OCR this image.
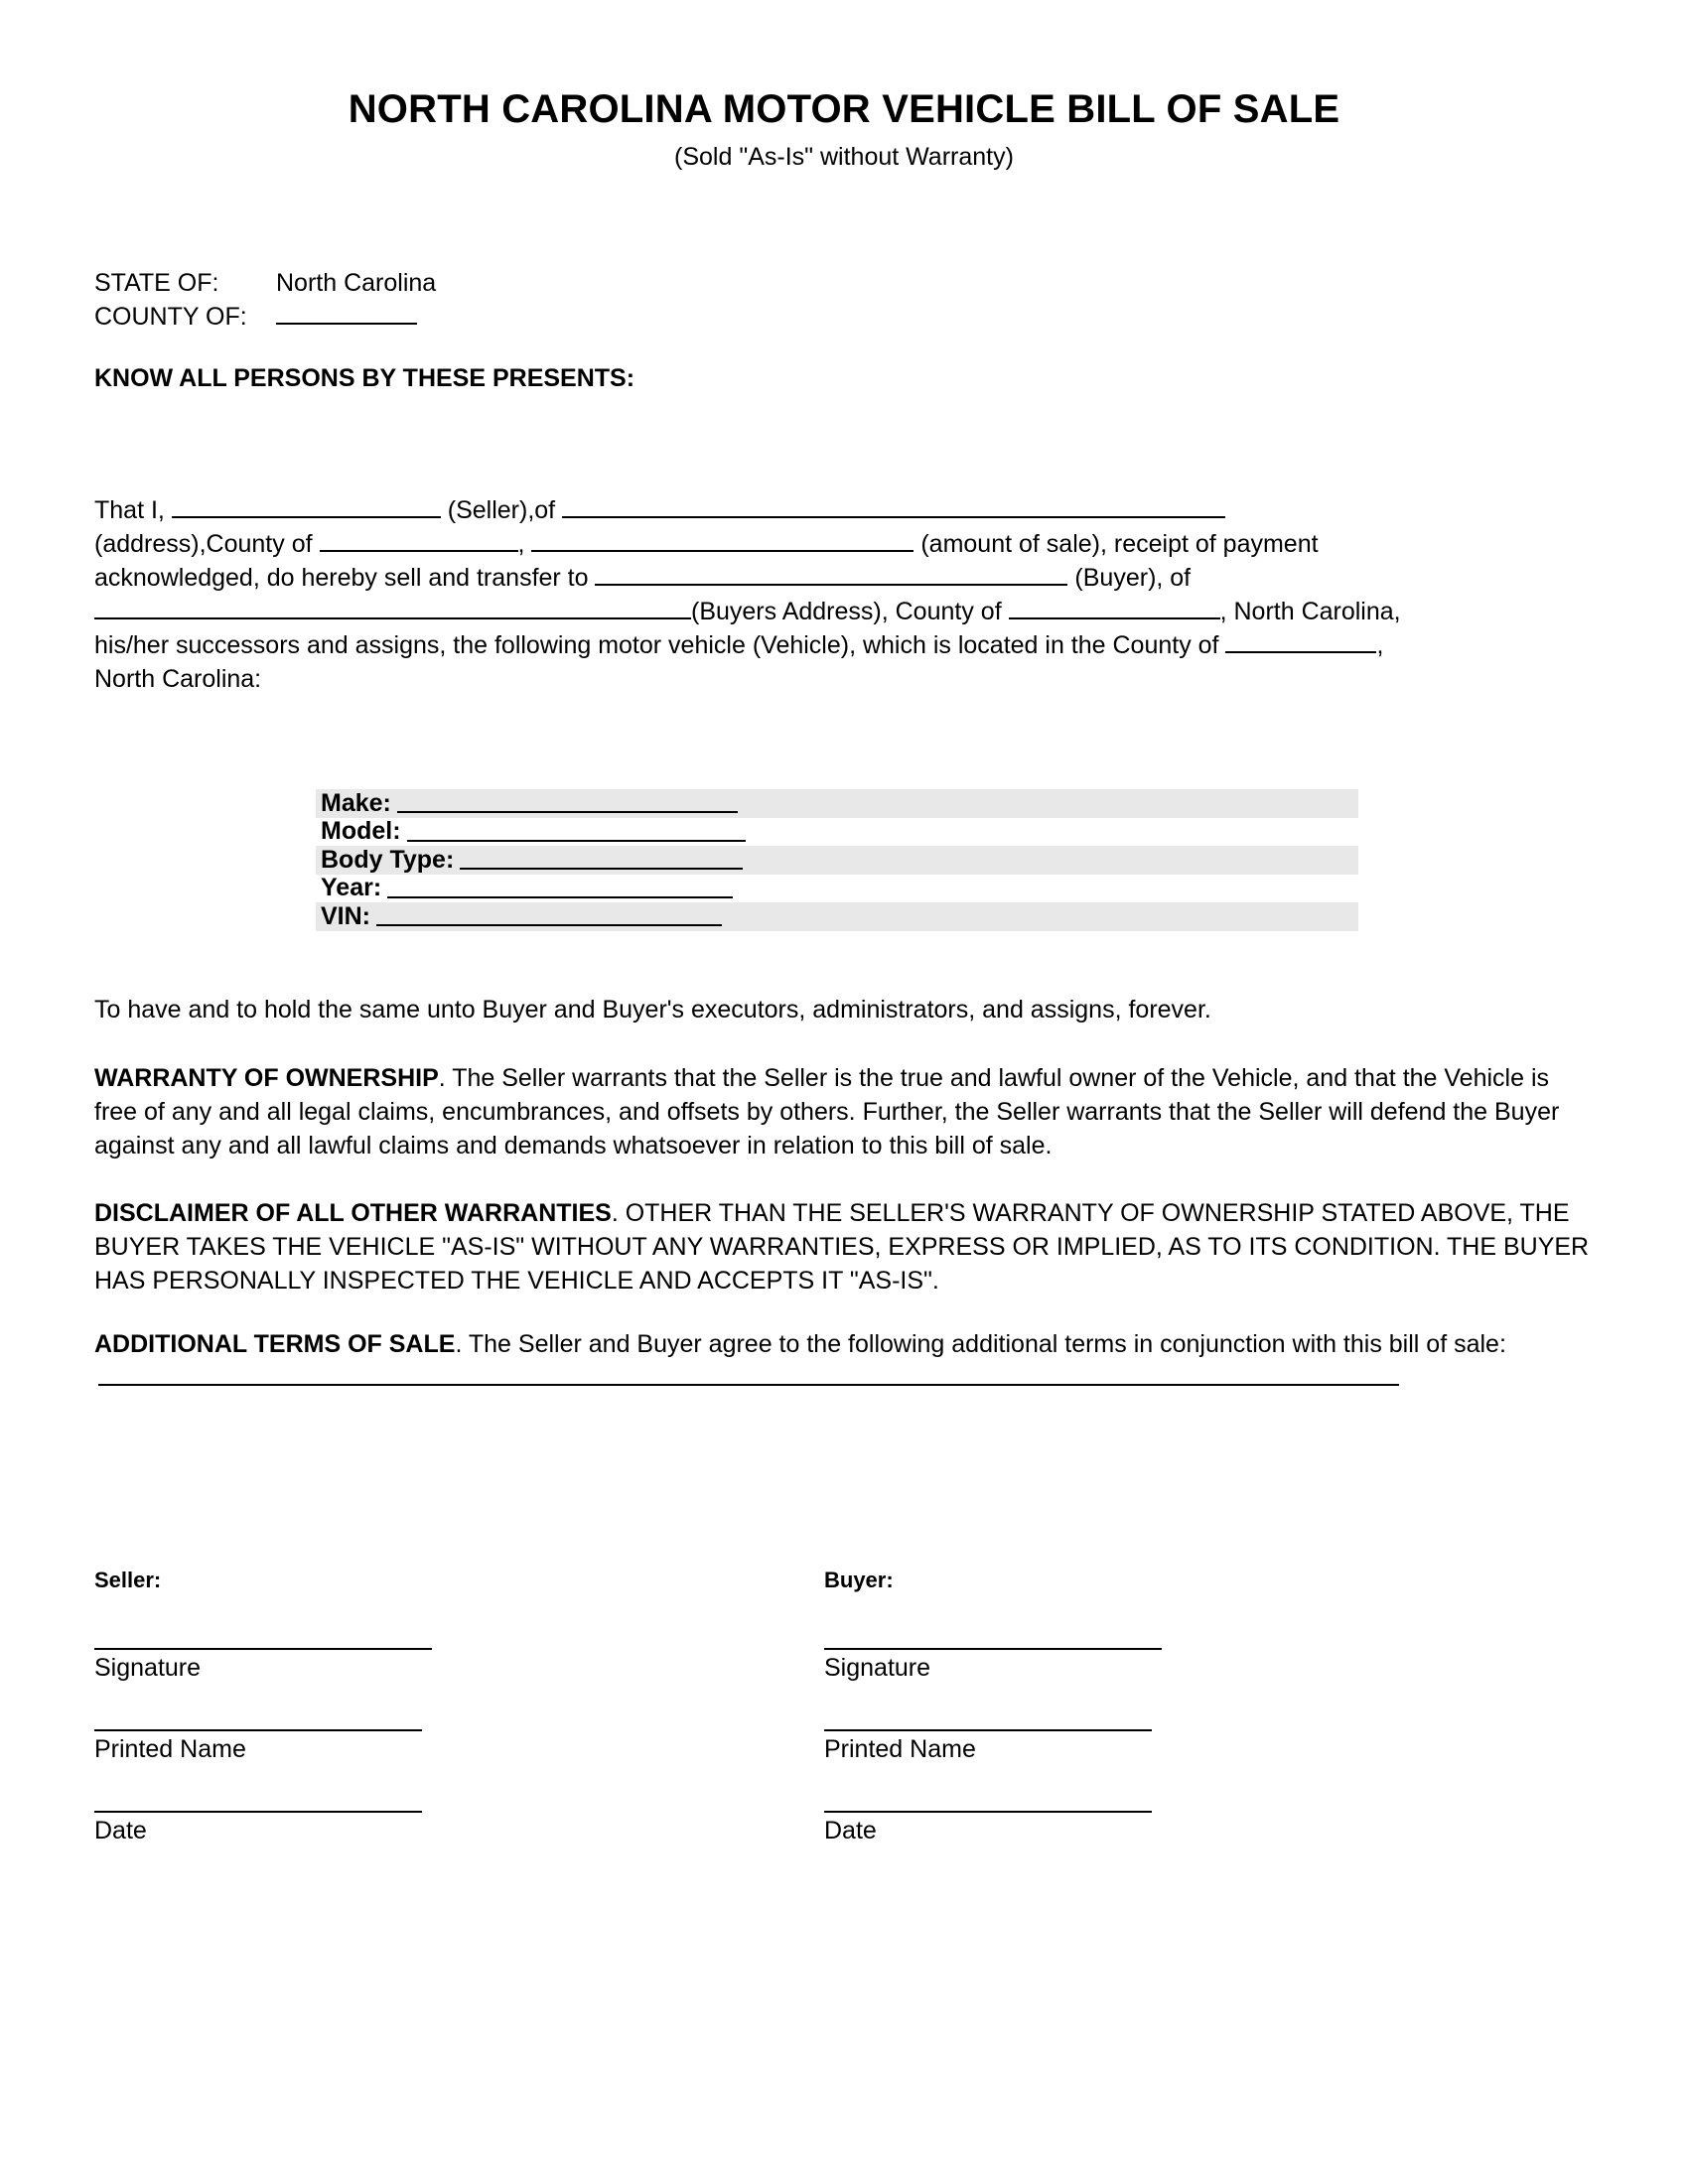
NORTH CAROLINA MOTOR VEHICLE BILL OF SALE
(Sold "As-Is" without Warranty)
STATE OF: North Carolina
COUNTY OF:
KNOW ALL PERSONS BY THESE PRESENTS:
That I,	(Seller),of
(address),County of	,	(amount of sale), receipt of payment
acknowledged, do hereby sell and transfer to	(Buyer), of
(Buyers Address), County of	, North Carolina,
his/her successors and assigns, the following motor vehicle (Vehicle), which is located in the County of	,
North Carolina:
Make:
Model:
Body Type:
Year:
VIN:
To have and to hold the same unto Buyer and Buyer's executors, administrators, and assigns, forever.
WARRANTY OF OWNERSHIP. The Seller warrants that the Seller is the true and lawful owner of the Vehicle, and that the Vehicle is free of any and all legal claims, encumbrances, and offsets by others. Further, the Seller warrants that the Seller will defend the Buyer against any and all lawful claims and demands whatsoever in relation to this bill of sale.
DISCLAIMER OF ALL OTHER WARRANTIES. OTHER THAN THE SELLER'S WARRANTY OF OWNERSHIP STATED ABOVE, THE BUYER TAKES THE VEHICLE "AS-IS" WITHOUT ANY WARRANTIES, EXPRESS OR IMPLIED, AS TO ITS CONDITION. THE BUYER HAS PERSONALLY INSPECTED THE VEHICLE AND ACCEPTS IT "AS-IS".
ADDITIONAL TERMS OF SALE. The Seller and Buyer agree to the following additional terms in conjunction with this bill of sale:
Seller:
Signature
Printed Name
Date
Buyer:
Signature
Printed Name
Date
